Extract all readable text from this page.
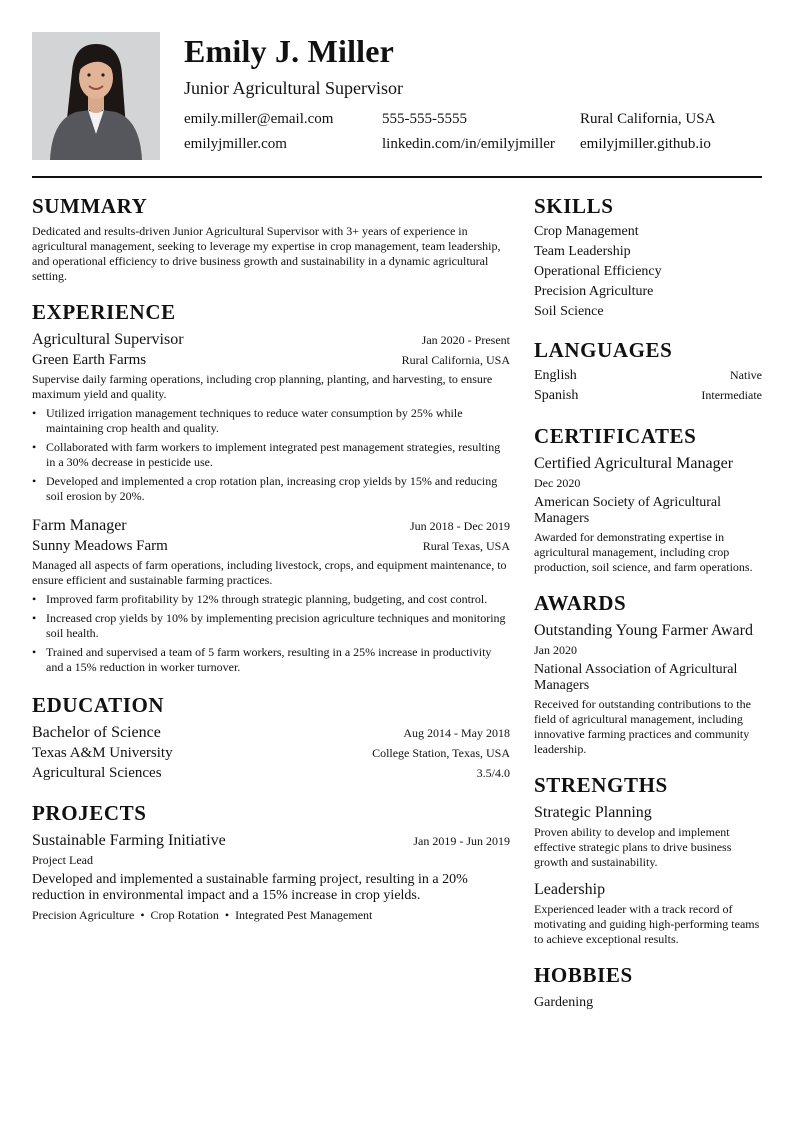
Emily J. Miller
Junior Agricultural Supervisor
emily.miller@email.com	555-555-5555	Rural California, USA
emilyjmiller.com	linkedin.com/in/emilyjmiller emilyjmiller.github.io
SUMMARY

Dedicated and results-driven Junior Agricultural Supervisor with 3+ years of experience in agricultural management, seeking to leverage my expertise in crop management, team leadership, and operational efficiency to drive business growth and sustainability in a dynamic agricultural setting.

EXPERIENCE
Agricultural Supervisor	Jan 2020 - Present
Green Earth Farms	Rural California, USA

Supervise daily farming operations, including crop planning, planting, and harvesting, to ensure maximum yield and quality.

• Utilized irrigation management techniques to reduce water consumption by 25% while maintaining crop health and quality.
• Collaborated with farm workers to implement integrated pest management strategies, resulting in a 30% decrease in pesticide use.
• Developed and implemented a crop rotation plan, increasing crop yields by 15% and reducing soil erosion by 20%.
Farm Manager	Jun 2018 - Dec 2019
Sunny Meadows Farm	Rural Texas, USA

Managed all aspects of farm operations, including livestock, crops, and equipment maintenance, to ensure efficient and sustainable farming practices.

• Improved farm profitability by 12% through strategic planning, budgeting, and cost control.
• Increased crop yields by 10% by implementing precision agriculture techniques and monitoring soil health.
• Trained and supervised a team of 5 farm workers, resulting in a 25% increase in productivity and a 15% reduction in worker turnover.
EDUCATION
Bachelor of Science	Aug 2014 - May 2018
Texas A&M University	College Station, Texas, USA
Agricultural Sciences	3.5/4.0
PROJECTS
Sustainable Farming Initiative	Jan 2019 - Jun 2019

Project Lead

Developed and implemented a sustainable farming project, resulting in a 20% reduction in environmental impact and a 15% increase in crop yields.

Precision Agriculture • Crop Rotation • Integrated Pest Management

SKILLS
Crop Management
Team Leadership
Operational Efficiency
Precision Agriculture
Soil Science
LANGUAGES
English	Native
Spanish	Intermediate
CERTIFICATES
Certified Agricultural Manager
Dec 2020
American Society of Agricultural Managers
Awarded for demonstrating expertise in agricultural management, including crop production, soil science, and farm operations.
AWARDS
Outstanding Young Farmer Award
Jan 2020
National Association of Agricultural Managers
Received for outstanding contributions to the field of agricultural management, including innovative farming practices and community leadership.
STRENGTHS
Strategic Planning
Proven ability to develop and implement effective strategic plans to drive business growth and sustainability.
Leadership
Experienced leader with a track record of motivating and guiding high-performing teams to achieve exceptional results.
HOBBIES
Gardening
